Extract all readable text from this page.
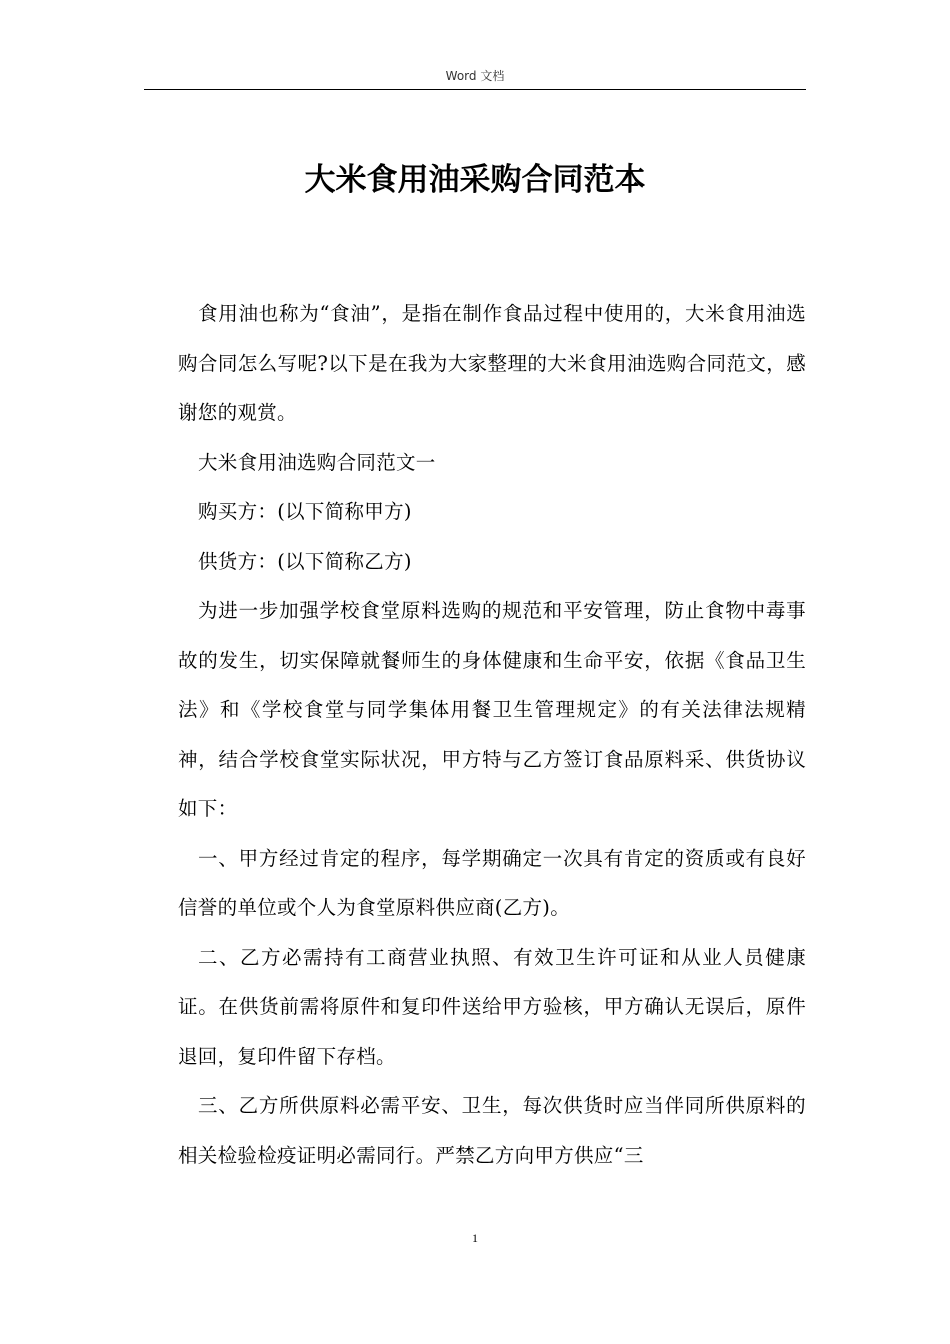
Word 文档
大米食用油采购合同范本

食用油也称为“食油”，是指在制作食品过程中使用的，大米食用油选购合同怎么写呢?以下是在我为大家整理的大米食用油选购合同范文，感谢您的观赏。

大米食用油选购合同范文一

购买方：(以下简称甲方)

供货方：(以下简称乙方)

为进一步加强学校食堂原料选购的规范和平安管理，防止食物中毒事故的发生，切实保障就餐师生的身体健康和生命平安，依据《食品卫生法》和《学校食堂与同学集体用餐卫生管理规定》的有关法律法规精神，结合学校食堂实际状况，甲方特与乙方签订食品原料采、供货协议如下：

一、甲方经过肯定的程序，每学期确定一次具有肯定的资质或有良好信誉的单位或个人为食堂原料供应商(乙方)。

二、乙方必需持有工商营业执照、有效卫生许可证和从业人员健康证。在供货前需将原件和复印件送给甲方验核，甲方确认无误后，原件退回，复印件留下存档。

三、乙方所供原料必需平安、卫生，每次供货时应当伴同所供原料的相关检验检疫证明必需同行。严禁乙方向甲方供应“三

1
